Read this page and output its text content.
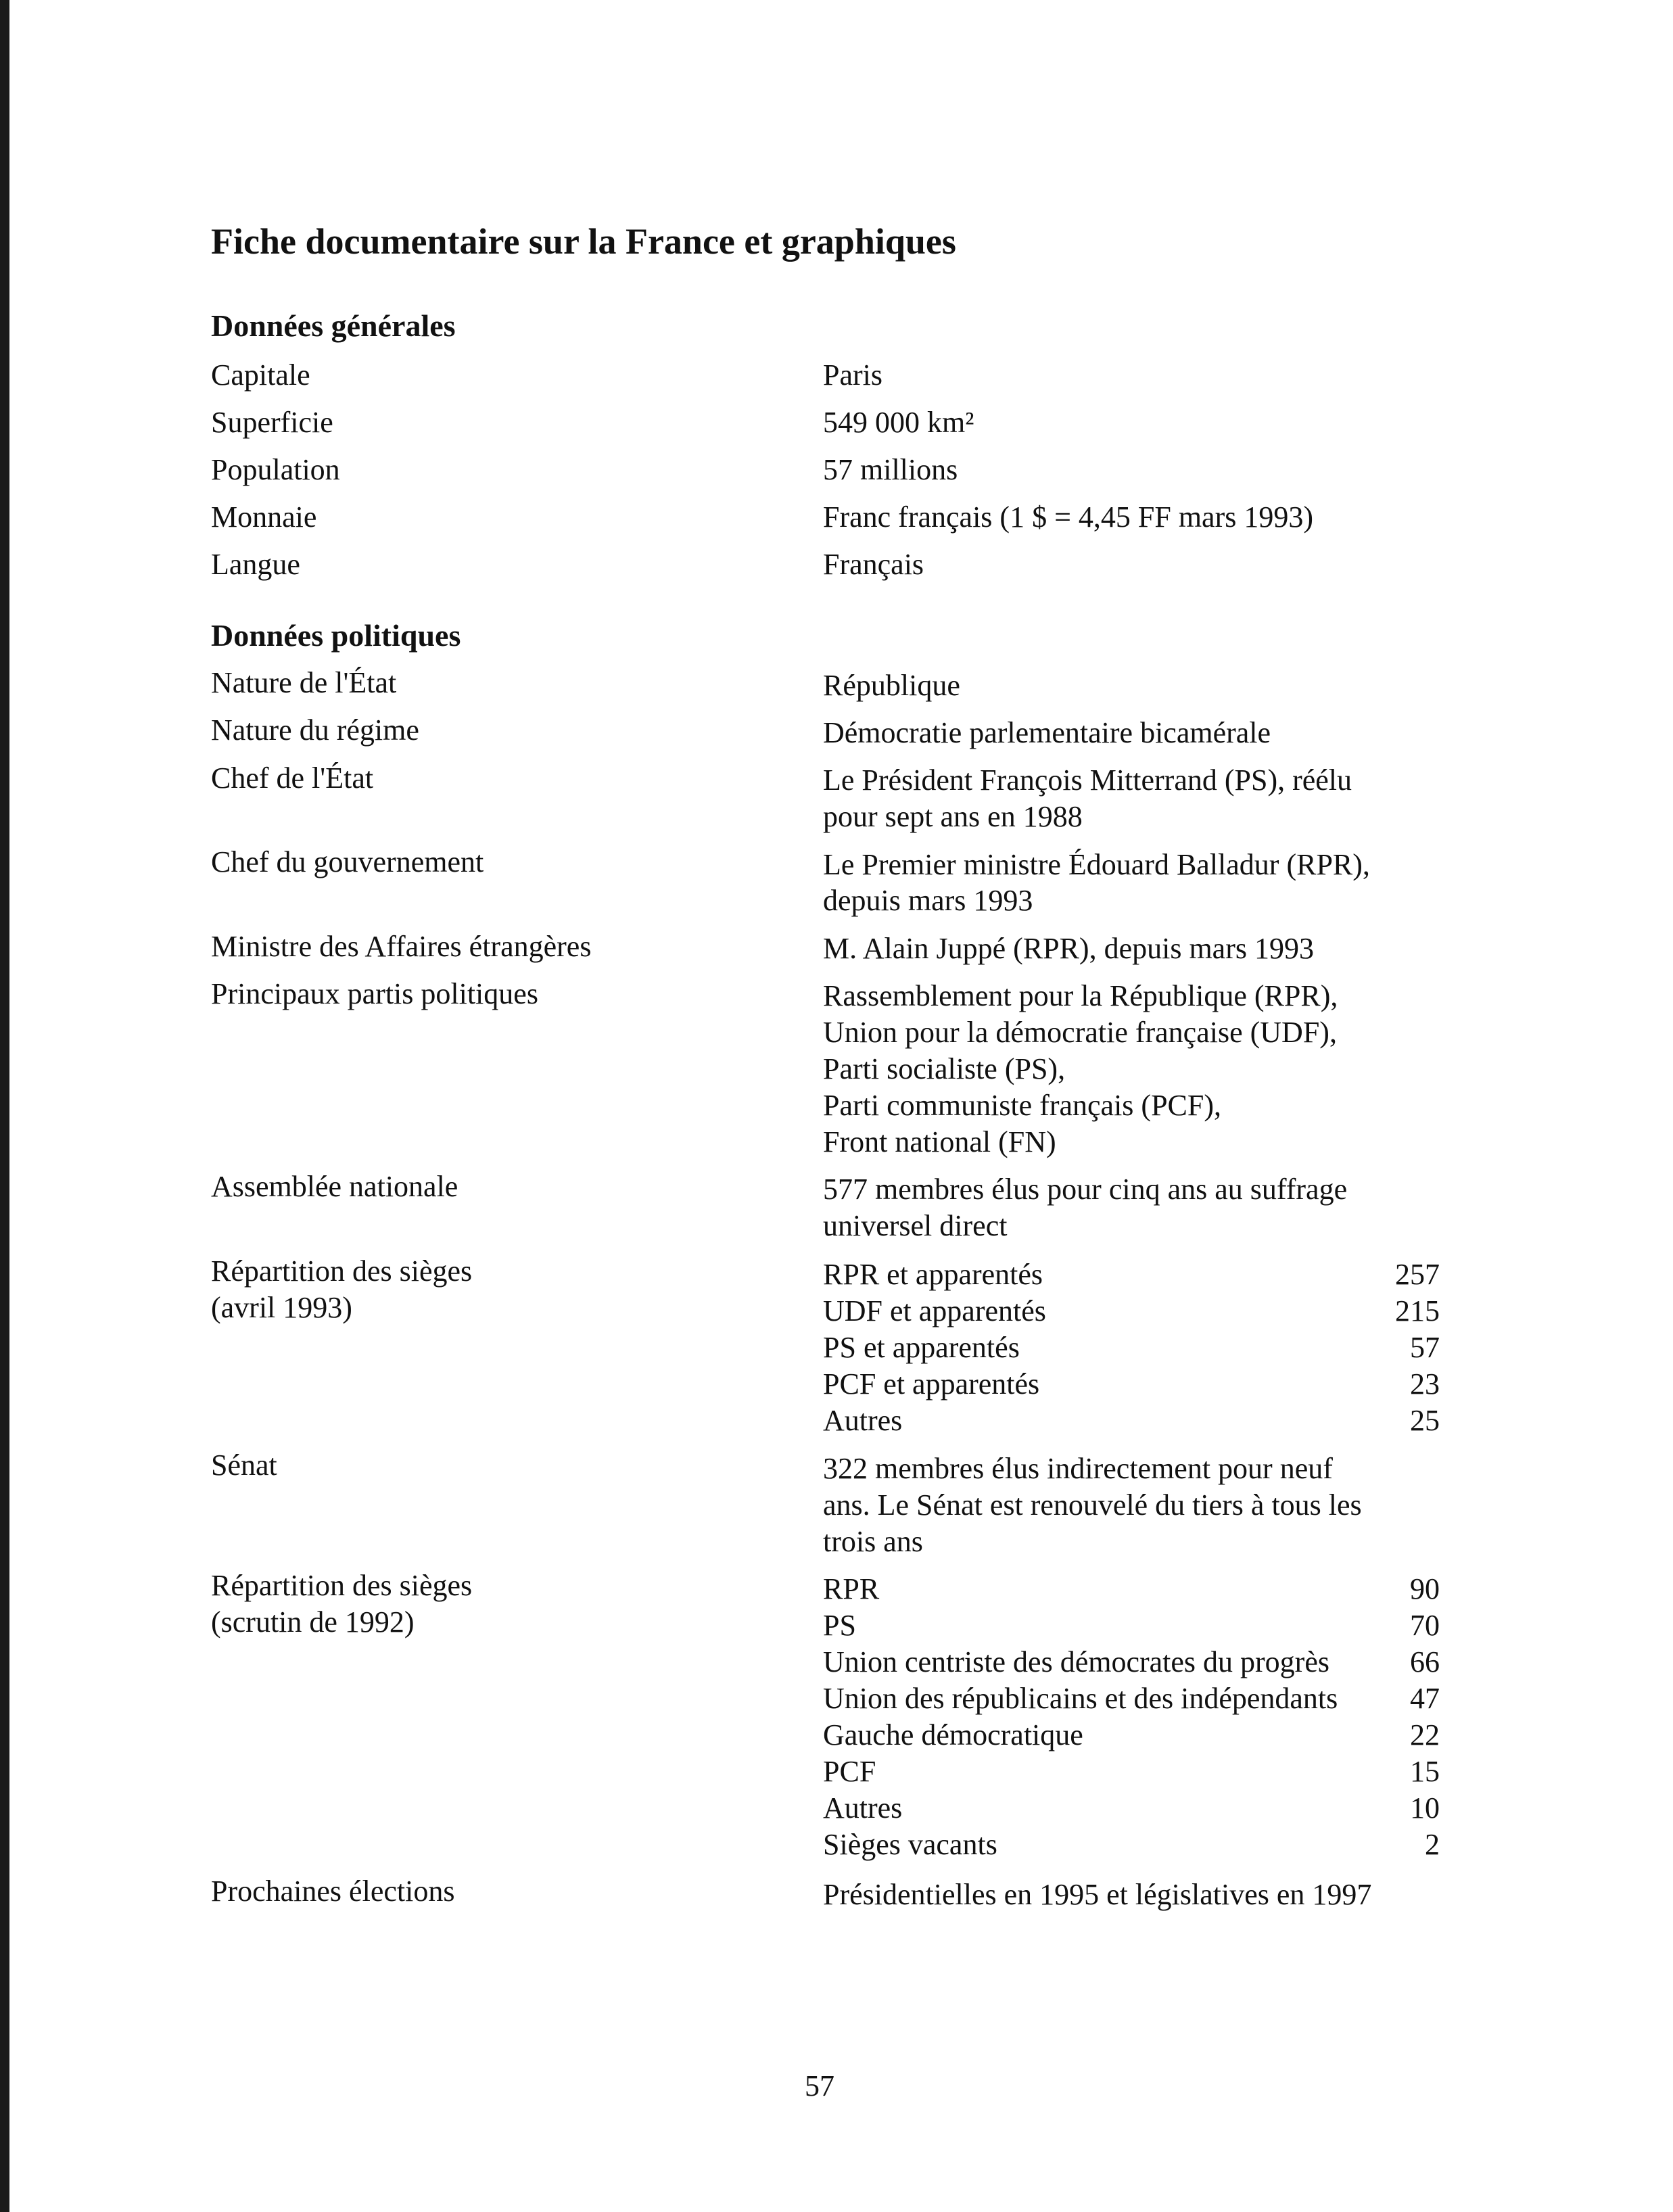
Fiche documentaire sur la France et graphiques
Données générales
Capitale	Paris
Superficie	549 000 km²
Population	57 millions
Monnaie	Franc français (1 $ = 4,45 FF mars 1993)
Langue	Français
Données politiques
Nature de l'État	République
Nature du régime	Démocratie parlementaire bicamérale
Chef de l'État	Le Président François Mitterrand (PS), réélu
pour sept ans en 1988
Chef du gouvernement	Le Premier ministre Édouard Balladur (RPR),
depuis mars 1993
Ministre des Affaires étrangères	M. Alain Juppé (RPR), depuis mars 1993
Principaux partis politiques	Rassemblement pour la République (RPR),
Union pour la démocratie française (UDF),
Parti socialiste (PS),
Parti communiste français (PCF),
Front national (FN)
Assemblée nationale	577 membres élus pour cinq ans au suffrage
universel direct
Répartition des sièges
(avril 1993)
RPR et apparentés	257
UDF et apparentés	215
PS et apparentés	57
PCF et apparentés	23
Autres	25
Sénat	322 membres élus indirectement pour neuf
ans. Le Sénat est renouvelé du tiers à tous les
trois ans
Répartition des sièges
(scrutin de 1992)
RPR	90
PS	70
Union centriste des démocrates du progrès	66
Union des républicains et des indépendants 47
Gauche démocratique	22
PCF	15
Autres	10
Sièges vacants	2
Prochaines élections	Présidentielles en 1995 et législatives en 1997
57
